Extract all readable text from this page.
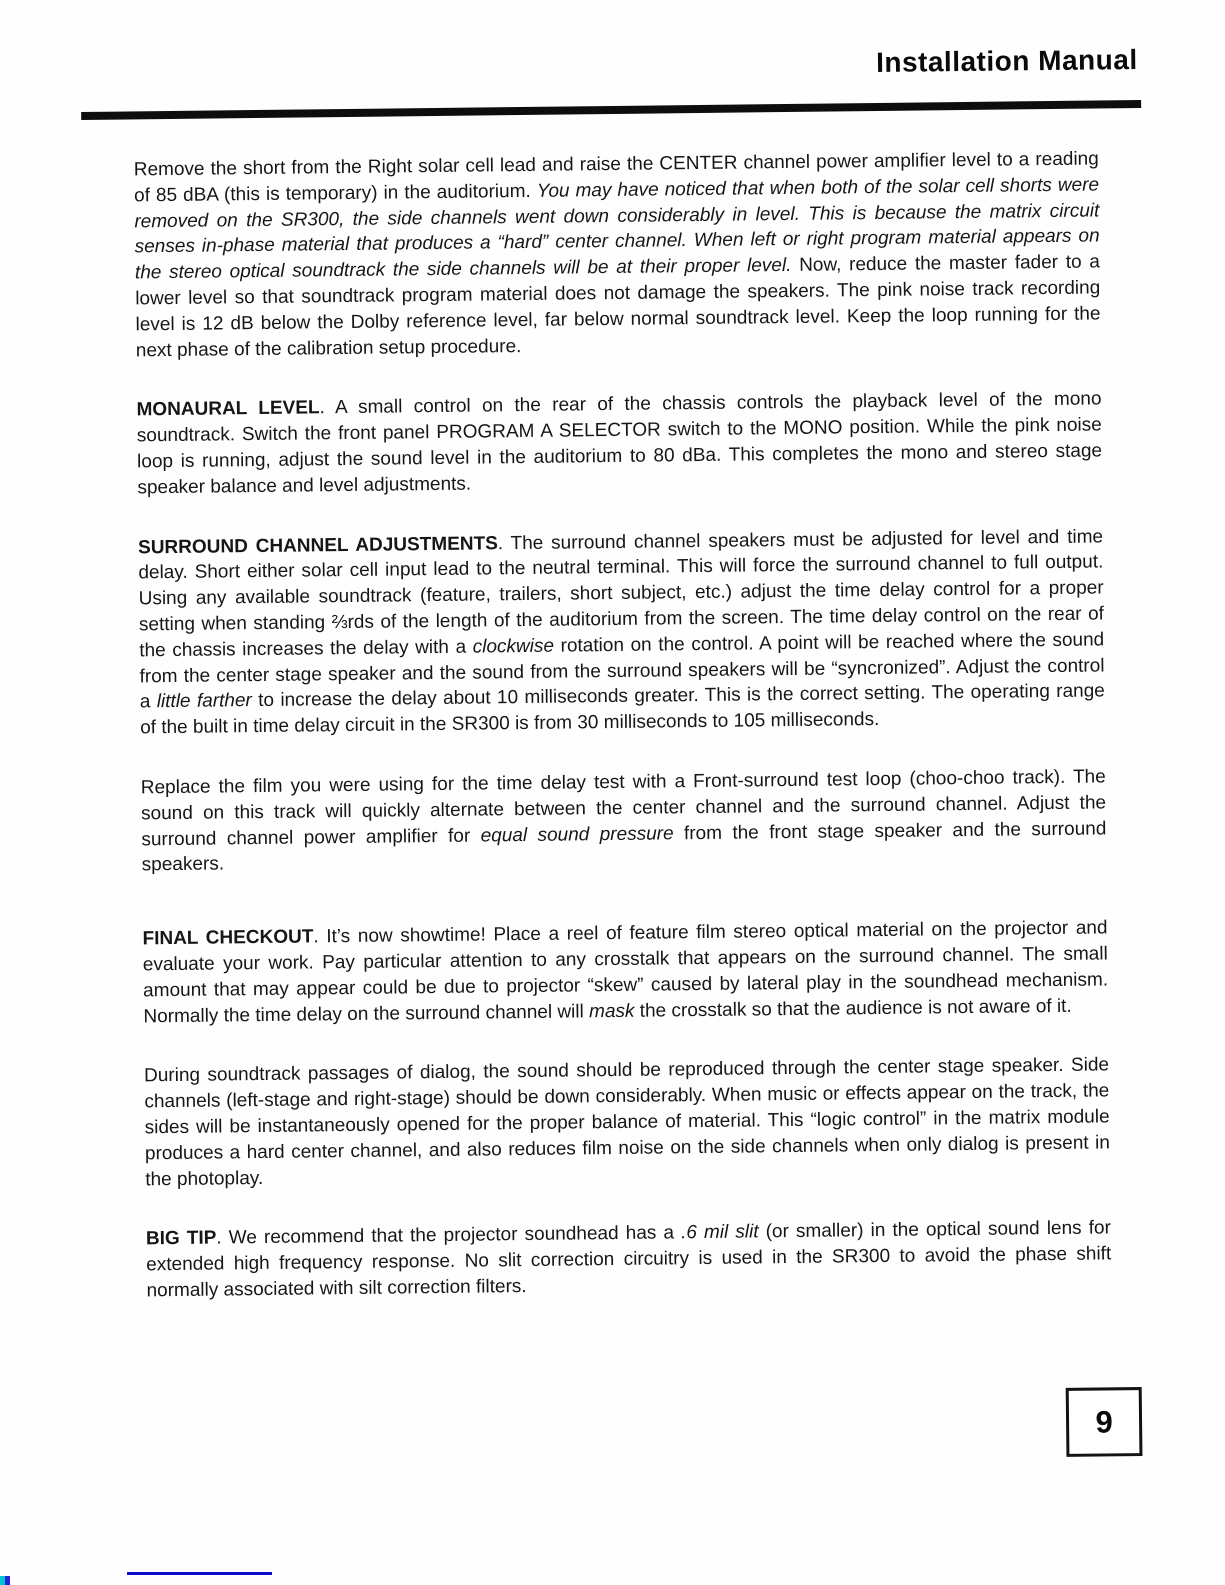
Installation Manual

Remove the short from the Right solar cell lead and raise the CENTER channel power amplifier level to a reading of 85 dBA (this is temporary) in the auditorium. You may have noticed that when both of the solar cell shorts were removed on the SR300, the side channels went down considerably in level. This is because the matrix circuit senses in-phase material that produces a “hard” center channel. When left or right program material appears on the stereo optical soundtrack the side channels will be at their proper level. Now, reduce the master fader to a lower level so that soundtrack program material does not damage the speakers. The pink noise track recording level is 12 dB below the Dolby reference level, far below normal soundtrack level. Keep the loop running for the next phase of the calibration setup procedure.

MONAURAL LEVEL. A small control on the rear of the chassis controls the playback level of the mono soundtrack. Switch the front panel PROGRAM A SELECTOR switch to the MONO position. While the pink noise loop is running, adjust the sound level in the auditorium to 80 dBa. This completes the mono and stereo stage speaker balance and level adjustments.

SURROUND CHANNEL ADJUSTMENTS. The surround channel speakers must be adjusted for level and time delay. Short either solar cell input lead to the neutral terminal. This will force the surround channel to full output. Using any available soundtrack (feature, trailers, short subject, etc.) adjust the time delay control for a proper setting when standing ⅔rds of the length of the auditorium from the screen. The time delay control on the rear of the chassis increases the delay with a clockwise rotation on the control. A point will be reached where the sound from the center stage speaker and the sound from the surround speakers will be “syncronized”. Adjust the control a little farther to increase the delay about 10 milliseconds greater. This is the correct setting. The operating range of the built in time delay circuit in the SR300 is from 30 milliseconds to 105 milliseconds.

Replace the film you were using for the time delay test with a Front-surround test loop (choo-choo track). The sound on this track will quickly alternate between the center channel and the surround channel. Adjust the surround channel power amplifier for equal sound pressure from the front stage speaker and the surround speakers.

FINAL CHECKOUT. It’s now showtime! Place a reel of feature film stereo optical material on the projector and evaluate your work. Pay particular attention to any crosstalk that appears on the surround channel. The small amount that may appear could be due to projector “skew” caused by lateral play in the soundhead mechanism. Normally the time delay on the surround channel will mask the crosstalk so that the audience is not aware of it.

During soundtrack passages of dialog, the sound should be reproduced through the center stage speaker. Side channels (left-stage and right-stage) should be down considerably. When music or effects appear on the track, the sides will be instantaneously opened for the proper balance of material. This “logic control” in the matrix module produces a hard center channel, and also reduces film noise on the side channels when only dialog is present in the photoplay.

BIG TIP. We recommend that the projector soundhead has a .6 mil slit (or smaller) in the optical sound lens for extended high frequency response. No slit correction circuitry is used in the SR300 to avoid the phase shift normally associated with silt correction filters.

9
